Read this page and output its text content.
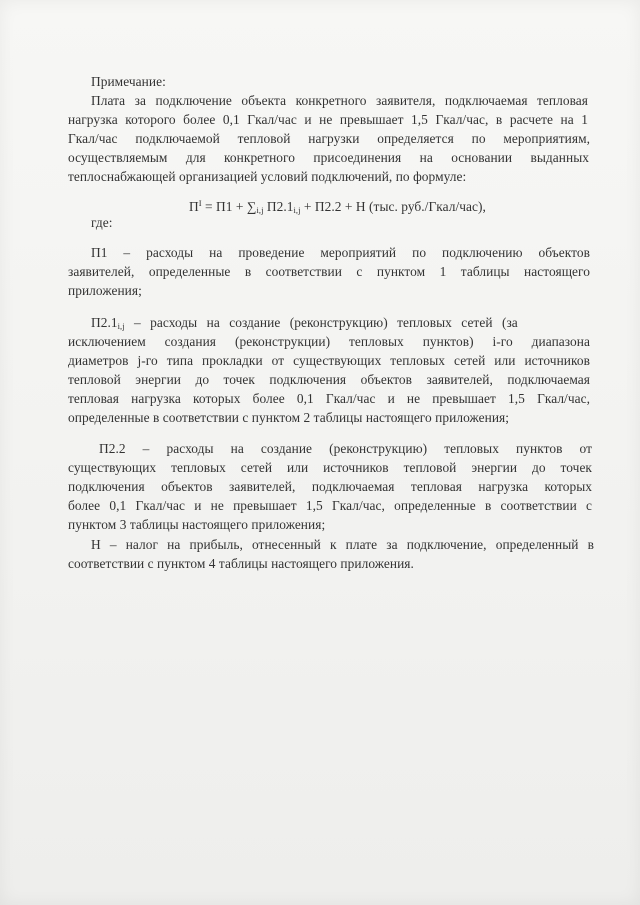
Примечание:
Плата за подключение объекта конкретного заявителя, подключаемая тепловая
нагрузка которого более 0,1 Гкал/час и не превышает 1,5 Гкал/час, в расчете на 1
Гкал/час подключаемой тепловой нагрузки определяется по мероприятиям,
осуществляемым для конкретного присоединения на основании выданных
теплоснабжающей организацией условий подключений, по формуле:
$П^I = П1 + \sum_{i,j}$ $П2.1_{i,j} + П2.2 + Н$ (тыс. руб./Гкал/час),
где:
П1 – расходы на проведение мероприятий по подключению объектов
заявителей, определенные в соответствии с пунктом 1 таблицы настоящего
приложения;
$П2.1_{i,j}$ – расходы на создание (реконструкцию) тепловых сетей (за
исключением создания (реконструкции) тепловых пунктов) i-го диапазона
диаметров j-го типа прокладки от существующих тепловых сетей или источников
тепловой энергии до точек подключения объектов заявителей, подключаемая
тепловая нагрузка которых более 0,1 Гкал/час и не превышает 1,5 Гкал/час,
определенные в соответствии с пунктом 2 таблицы настоящего приложения;
П2.2 – расходы на создание (реконструкцию) тепловых пунктов от
существующих тепловых сетей или источников тепловой энергии до точек
подключения объектов заявителей, подключаемая тепловая нагрузка которых
более 0,1 Гкал/час и не превышает 1,5 Гкал/час, определенные в соответствии с
пунктом 3 таблицы настоящего приложения;
Н – налог на прибыль, отнесенный к плате за подключение, определенный в
соответствии с пунктом 4 таблицы настоящего приложения.
